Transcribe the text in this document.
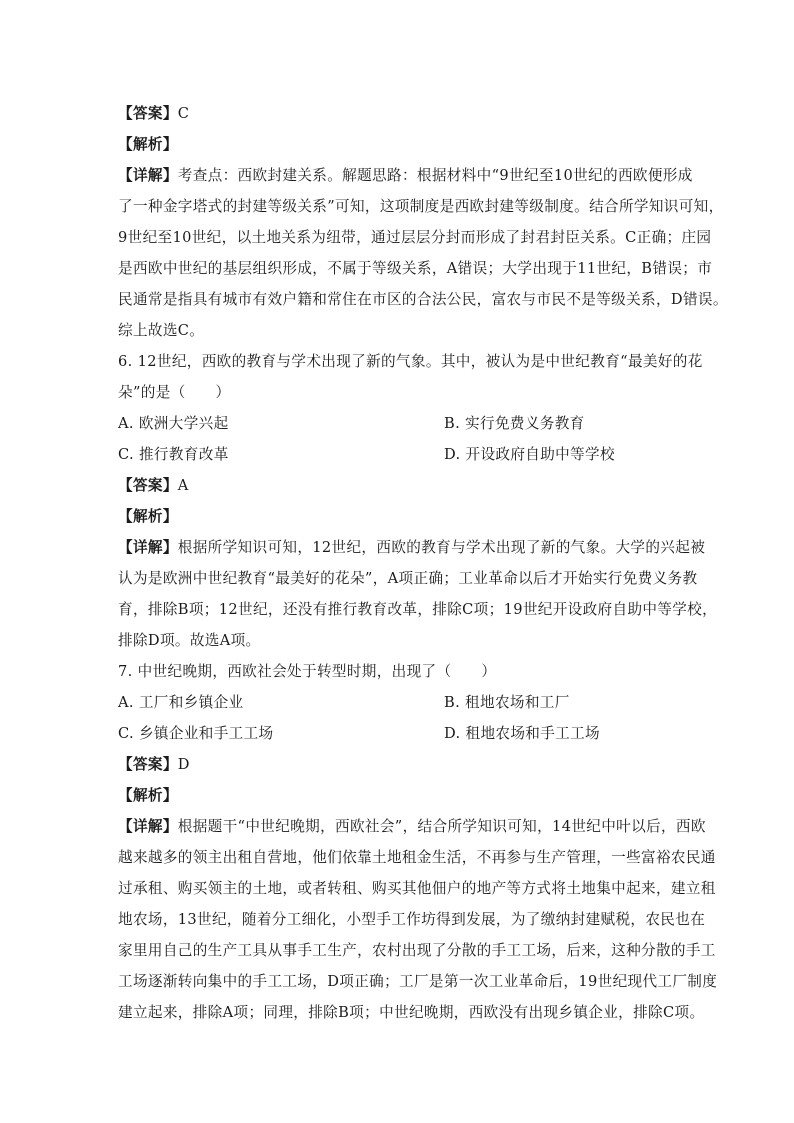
【答案】C
【解析】
【详解】考查点：西欧封建关系。解题思路：根据材料中“9世纪至10世纪的西欧便形成
了一种金字塔式的封建等级关系”可知，这项制度是西欧封建等级制度。结合所学知识可知，
9世纪至10世纪，以土地关系为纽带，通过层层分封而形成了封君封臣关系。C正确；庄园
是西欧中世纪的基层组织形成，不属于等级关系，A错误；大学出现于11世纪，B错误；市
民通常是指具有城市有效户籍和常住在市区的合法公民，富农与市民不是等级关系，D错误。
综上故选C。
6. 12世纪，西欧的教育与学术出现了新的气象。其中，被认为是中世纪教育“最美好的花
朵”的是（　　）
A. 欧洲大学兴起	B. 实行免费义务教育
C. 推行教育改革	D. 开设政府自助中等学校
【答案】A
【解析】
【详解】根据所学知识可知，12世纪，西欧的教育与学术出现了新的气象。大学的兴起被
认为是欧洲中世纪教育“最美好的花朵”，A项正确；工业革命以后才开始实行免费义务教
育，排除B项；12世纪，还没有推行教育改革，排除C项；19世纪开设政府自助中等学校，
排除D项。故选A项。
7. 中世纪晚期，西欧社会处于转型时期，出现了（　　）
A. 工厂和乡镇企业	B. 租地农场和工厂
C. 乡镇企业和手工工场	D. 租地农场和手工工场
【答案】D
【解析】
【详解】根据题干“中世纪晚期，西欧社会”，结合所学知识可知，14世纪中叶以后，西欧
越来越多的领主出租自营地，他们依靠土地租金生活，不再参与生产管理，一些富裕农民通
过承租、购买领主的土地，或者转租、购买其他佃户的地产等方式将土地集中起来，建立租
地农场，13世纪，随着分工细化，小型手工作坊得到发展，为了缴纳封建赋税，农民也在
家里用自己的生产工具从事手工生产，农村出现了分散的手工工场，后来，这种分散的手工
工场逐渐转向集中的手工工场，D项正确；工厂是第一次工业革命后，19世纪现代工厂制度
建立起来，排除A项；同理，排除B项；中世纪晚期，西欧没有出现乡镇企业，排除C项。
